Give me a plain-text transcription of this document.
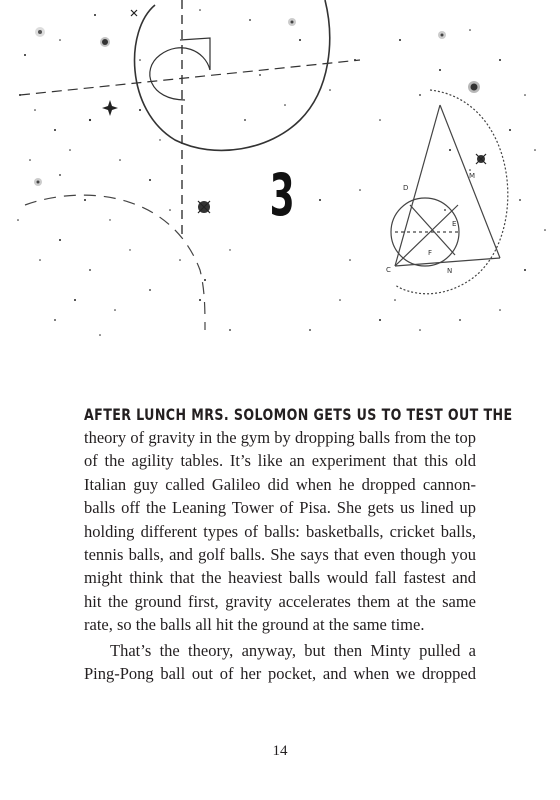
D
M
E
C	N
F
3
AFTER LUNCH MRS. SOLOMON GETS US TO TEST OUT THE
theory of gravity in the gym by dropping balls from the top
of the agility tables. It’s like an experiment that this old
Italian guy called Galileo did when he dropped cannon-
balls off the Leaning Tower of Pisa. She gets us lined up
holding different types of balls: basketballs, cricket balls,
tennis balls, and golf balls. She says that even though you
might think that the heaviest balls would fall fastest and
hit the ground first, gravity accelerates them at the same
rate, so the balls all hit the ground at the same time.
That’s the theory, anyway, but then Minty pulled a
Ping-Pong ball out of her pocket, and when we dropped
14
